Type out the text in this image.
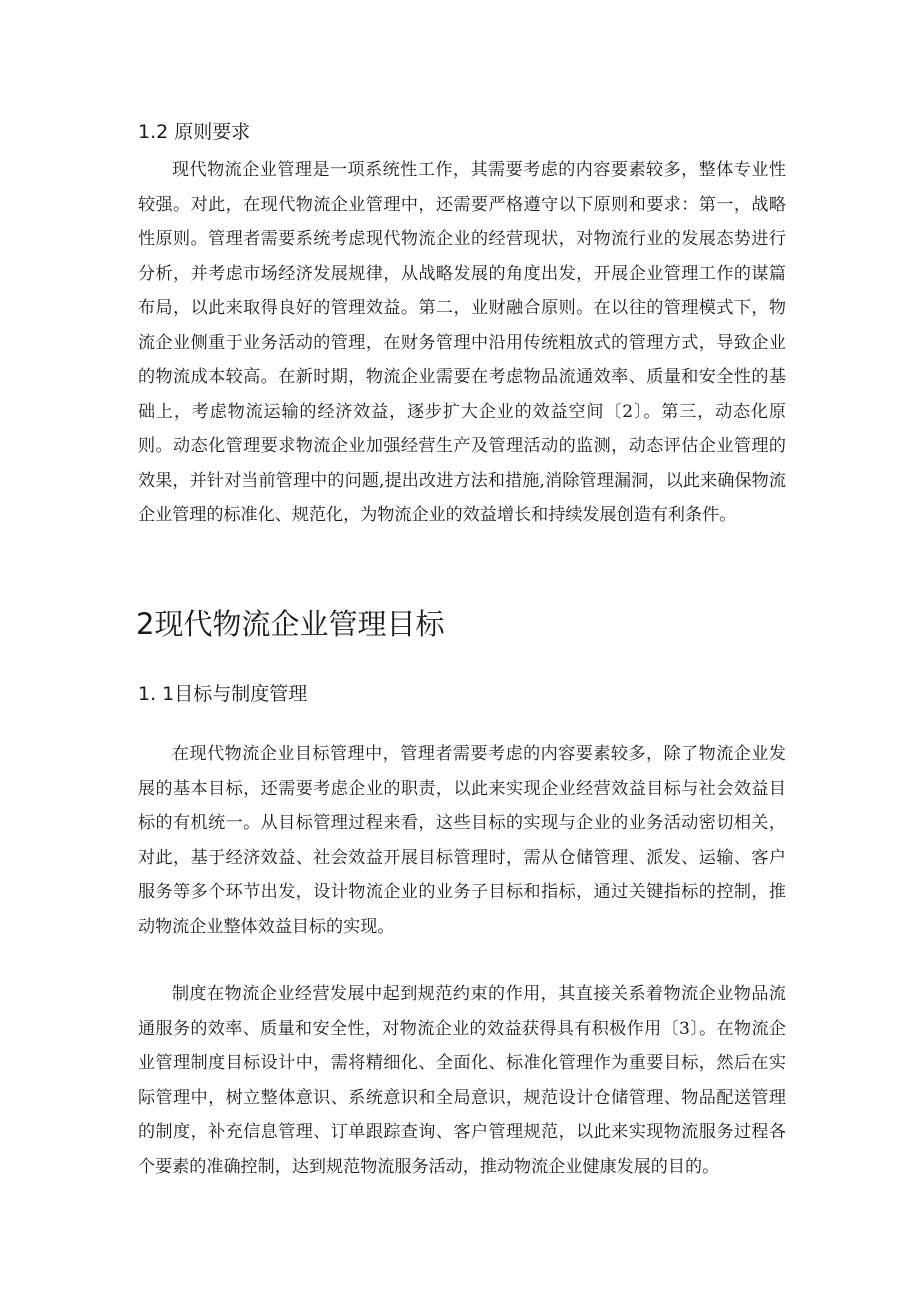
1.2 原则要求

现代物流企业管理是一项系统性工作，其需要考虑的内容要素较多，整体专业性较强。对此，在现代物流企业管理中，还需要严格遵守以下原则和要求：第一，战略性原则。管理者需要系统考虑现代物流企业的经营现状，对物流行业的发展态势进行分析，并考虑市场经济发展规律，从战略发展的角度出发，开展企业管理工作的谋篇布局，以此来取得良好的管理效益。第二，业财融合原则。在以往的管理模式下，物流企业侧重于业务活动的管理，在财务管理中沿用传统粗放式的管理方式，导致企业的物流成本较高。在新时期，物流企业需要在考虑物品流通效率、质量和安全性的基础上，考虑物流运输的经济效益，逐步扩大企业的效益空间〔2〕。第三，动态化原则。动态化管理要求物流企业加强经营生产及管理活动的监测，动态评估企业管理的效果，并针对当前管理中的问题,提出改进方法和措施,消除管理漏洞，以此来确保物流企业管理的标准化、规范化，为物流企业的效益增长和持续发展创造有利条件。

2现代物流企业管理目标
1. 1目标与制度管理

在现代物流企业目标管理中，管理者需要考虑的内容要素较多，除了物流企业发展的基本目标，还需要考虑企业的职责，以此来实现企业经营效益目标与社会效益目标的有机统一。从目标管理过程来看，这些目标的实现与企业的业务活动密切相关，对此，基于经济效益、社会效益开展目标管理时，需从仓储管理、派发、运输、客户服务等多个环节出发，设计物流企业的业务子目标和指标，通过关键指标的控制，推动物流企业整体效益目标的实现。

制度在物流企业经营发展中起到规范约束的作用，其直接关系着物流企业物品流通服务的效率、质量和安全性，对物流企业的效益获得具有积极作用〔3〕。在物流企业管理制度目标设计中，需将精细化、全面化、标准化管理作为重要目标，然后在实际管理中，树立整体意识、系统意识和全局意识，规范设计仓储管理、物品配送管理的制度，补充信息管理、订单跟踪查询、客户管理规范，以此来实现物流服务过程各个要素的准确控制，达到规范物流服务活动，推动物流企业健康发展的目的。
